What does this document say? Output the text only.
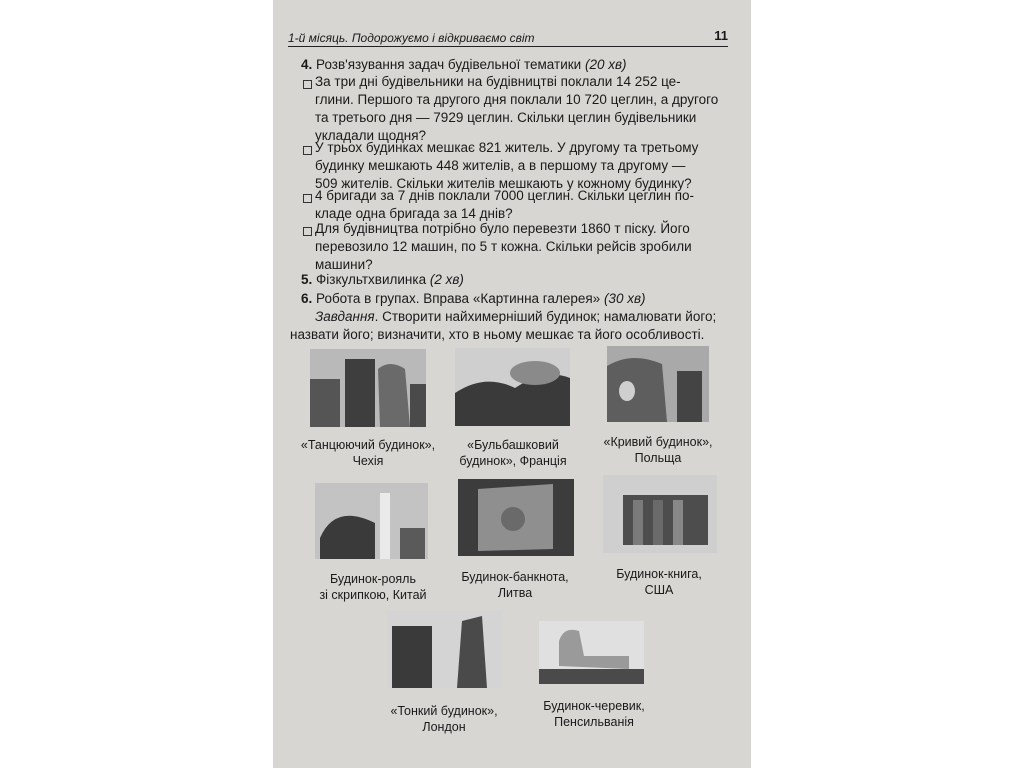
1-й місяць. Подорожуємо і відкриваємо світ	11
4. Розв'язування задач будівельної тематики (20 хв)
За три дні будівельники на будівництві поклали 14 252 це-
глини. Першого та другого дня поклали 10 720 цеглин, а другого
та третього дня — 7929 цеглин. Скільки цеглин будівельники
укладали щодня?
У трьох будинках мешкає 821 житель. У другому та третьому
будинку мешкають 448 жителів, а в першому та другому —
509 жителів. Скільки жителів мешкають у кожному будинку?
4 бригади за 7 днів поклали 7000 цеглин. Скільки цеглин по-
кладе одна бригада за 14 днів?
Для будівництва потрібно було перевезти 1860 т піску. Його
перевозило 12 машин, по 5 т кожна. Скільки рейсів зробили
машини?
5. Фізкультхвилинка (2 хв)
6. Робота в групах. Вправа «Картинна галерея» (30 хв)
Завдання. Створити найхимерніший будинок; намалювати його;
назвати його; визначити, хто в ньому мешкає та його особливості.
«Танцюючий будинок»,
Чехія
«Бульбашковий
будинок», Франція
«Кривий будинок»,
Польща
Будинок-рояль
зі скрипкою, Китай
Будинок-банкнота,
Литва
Будинок-книга,
США
«Тонкий будинок»,
Лондон
Будинок-черевик,
Пенсильванія
